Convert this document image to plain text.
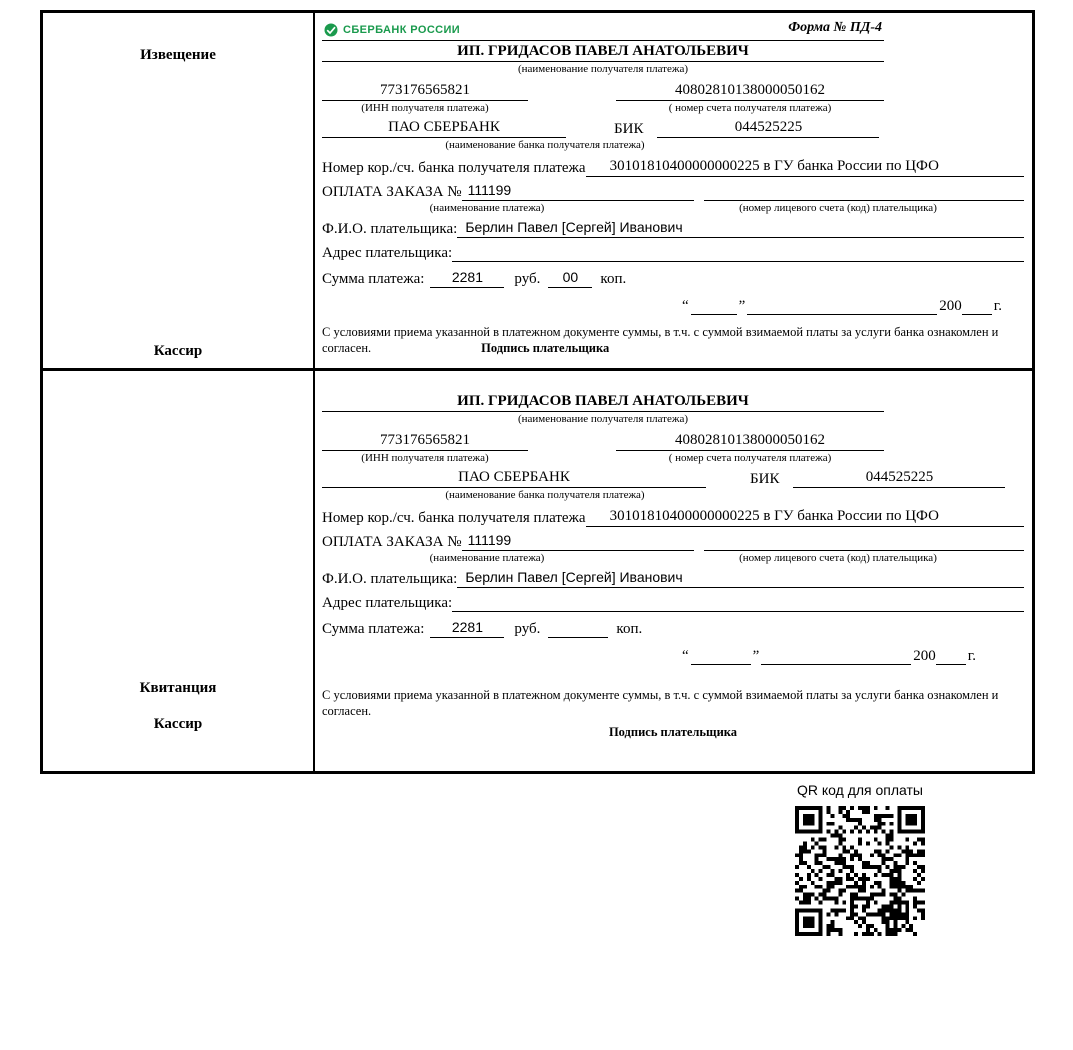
Извещение
Кассир
СБЕРБАНК РОССИИ	Форма № ПД-4
ИП. ГРИДАСОВ ПАВЕЛ АНАТОЛЬЕВИЧ
(наименование получателя платежа)
773176565821	40802810138000050162
(ИНН получателя платежа)	( номер счета получателя платежа)
ПАО СБЕРБАНК	БИК	044525225
(наименование банка получателя платежа)
Номер кор./сч. банка получателя платежа	30101810400000000225 в ГУ банка России по ЦФО
ОПЛАТА ЗАКАЗА № 111199
(наименование платежа)	(номер лицевого счета (код) плательщика)
Ф.И.О. плательщика: Берлин Павел [Сергей] Иванович
Адрес плательщика:
Сумма платежа:	2281	руб.	00	коп.
“	”	200 г.
С условиями приема указанной в платежном документе суммы, в т.ч. с суммой взимаемой платы за услуги банка ознакомлен и согласен.	Подпись плательщика
Квитанция
Кассир
ИП. ГРИДАСОВ ПАВЕЛ АНАТОЛЬЕВИЧ
(наименование получателя платежа)
773176565821	40802810138000050162
(ИНН получателя платежа)	( номер счета получателя платежа)
ПАО СБЕРБАНК	БИК	044525225
(наименование банка получателя платежа)
Номер кор./сч. банка получателя платежа	30101810400000000225 в ГУ банка России по ЦФО
ОПЛАТА ЗАКАЗА № 111199
(наименование платежа)	(номер лицевого счета (код) плательщика)
Ф.И.О. плательщика: Берлин Павел [Сергей] Иванович
Адрес плательщика:
Сумма платежа:	2281	руб.	коп.
“	”	200 г.
С условиями приема указанной в платежном документе суммы, в т.ч. с суммой взимаемой платы за услуги банка ознакомлен и согласен.
Подпись плательщика
QR код для оплаты
